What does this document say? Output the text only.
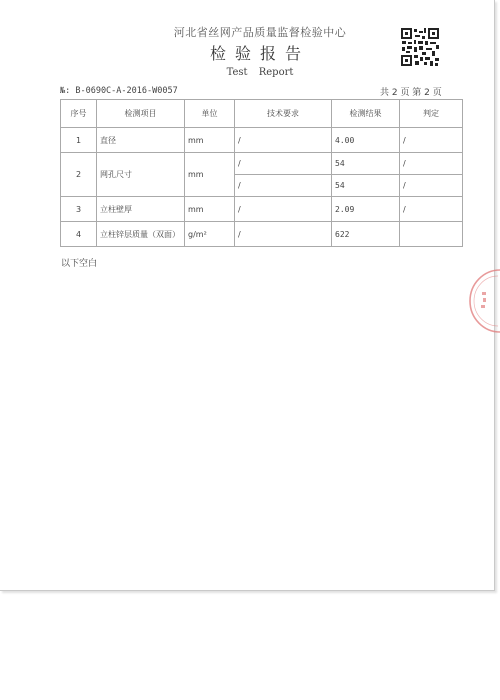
河北省丝网产品质量监督检验中心
检验报告
Test Report
№: B-0690C-A-2016-W0057	共 2 页 第 2 页
序号	检测项目	单位	技术要求	检测结果	判定
1	直径	mm	/	4.00	/
2	网孔尺寸	mm	/	54	/
			/	54	/
3	立柱壁厚	mm	/	2.09	/
4	立柱锌层质量（双面）	g/m²	/	622	
以下空白
